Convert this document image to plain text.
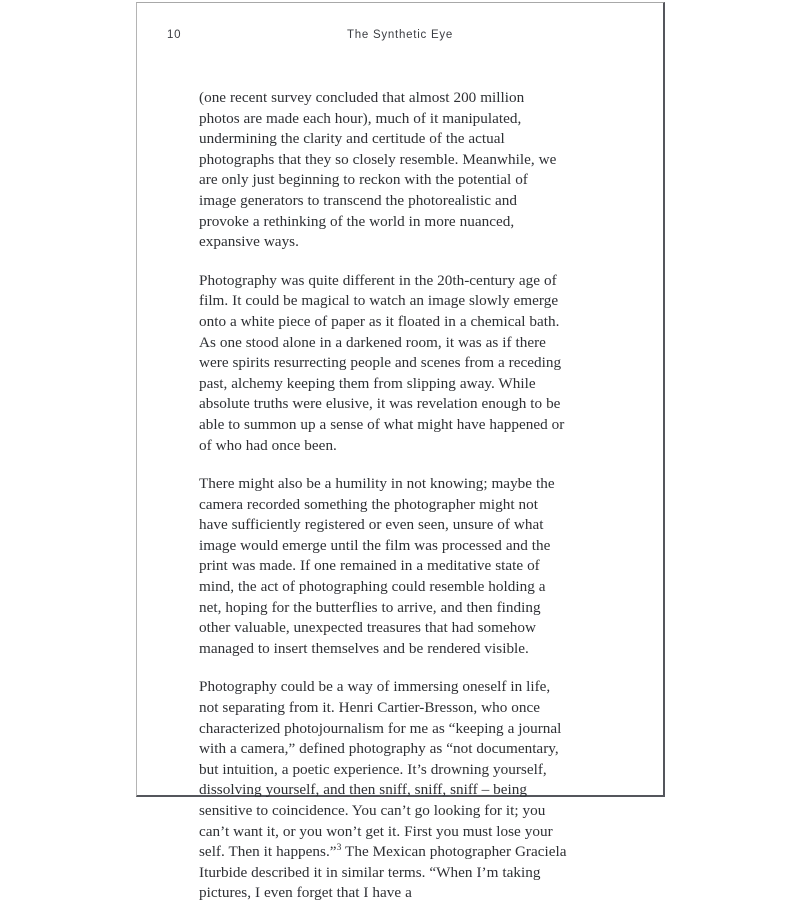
10	The Synthetic Eye

(one recent survey concluded that almost 200 million photos are made each hour), much of it manipulated, undermining the clarity and certitude of the actual photographs that they so closely resemble. Meanwhile, we are only just beginning to reckon with the potential of image generators to transcend the photorealistic and provoke a rethinking of the world in more nuanced, expansive ways.

Photography was quite different in the 20th-century age of film. It could be magical to watch an image slowly emerge onto a white piece of paper as it floated in a chemical bath. As one stood alone in a darkened room, it was as if there were spirits resurrecting people and scenes from a receding past, alchemy keeping them from slipping away. While absolute truths were elusive, it was revelation enough to be able to summon up a sense of what might have happened or of who had once been.

There might also be a humility in not knowing; maybe the camera recorded something the photographer might not have sufficiently registered or even seen, unsure of what image would emerge until the film was processed and the print was made. If one remained in a meditative state of mind, the act of photographing could resemble holding a net, hoping for the butterflies to arrive, and then finding other valuable, unexpected treasures that had somehow managed to insert themselves and be rendered visible.

Photography could be a way of immersing oneself in life, not separating from it. Henri Cartier-Bresson, who once characterized photojournalism for me as “keeping a journal with a camera,” defined photography as “not documentary, but intuition, a poetic experience. It’s drowning yourself, dissolving yourself, and then sniff, sniff, sniff – being sensitive to coincidence. You can’t go looking for it; you can’t want it, or you won’t get it. First you must lose your self. Then it happens.”$^3$ The Mexican photographer Graciela Iturbide described it in similar terms. “When I’m taking pictures, I even forget that I have a
